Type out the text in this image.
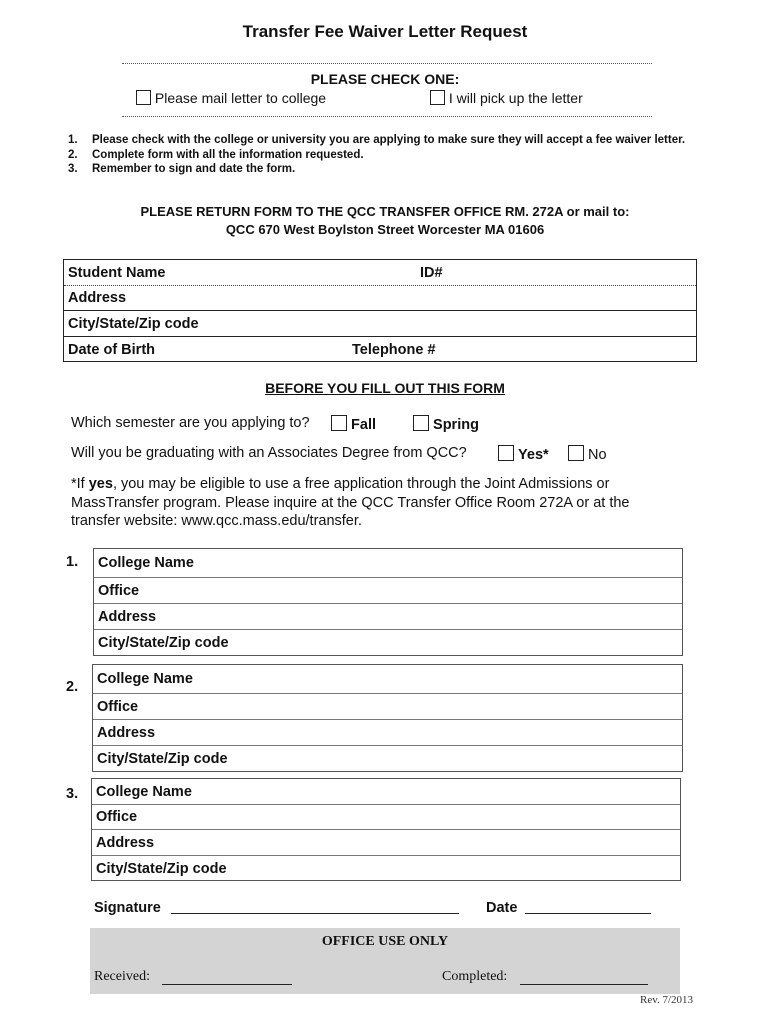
Transfer Fee Waiver Letter Request
PLEASE CHECK ONE:
Please mail letter to college	I will pick up the letter
1.	Please check with the college or university you are applying to make sure they will accept a fee waiver letter.
2.	Complete form with all the information requested.
3.	Remember to sign and date the form.
PLEASE RETURN FORM TO THE QCC TRANSFER OFFICE RM. 272A or mail to:
QCC 670 West Boylston Street Worcester MA 01606
Student Name	ID#
Address
City/State/Zip code
Date of Birth	Telephone #
BEFORE YOU FILL OUT THIS FORM
Which semester are you applying to?	Fall	Spring
Will you be graduating with an Associates Degree from QCC?	Yes*	No
*If yes, you may be eligible to use a free application through the Joint Admissions or
MassTransfer program. Please inquire at the QCC Transfer Office Room 272A or at the
transfer website: www.qcc.mass.edu/transfer.
1. College Name
Office
Address
City/State/Zip code
2. College Name
Office
Address
City/State/Zip code
3. College Name
Office
Address
City/State/Zip code
Signature	Date
OFFICE USE ONLY
Received:	Completed:
Rev. 7/2013
